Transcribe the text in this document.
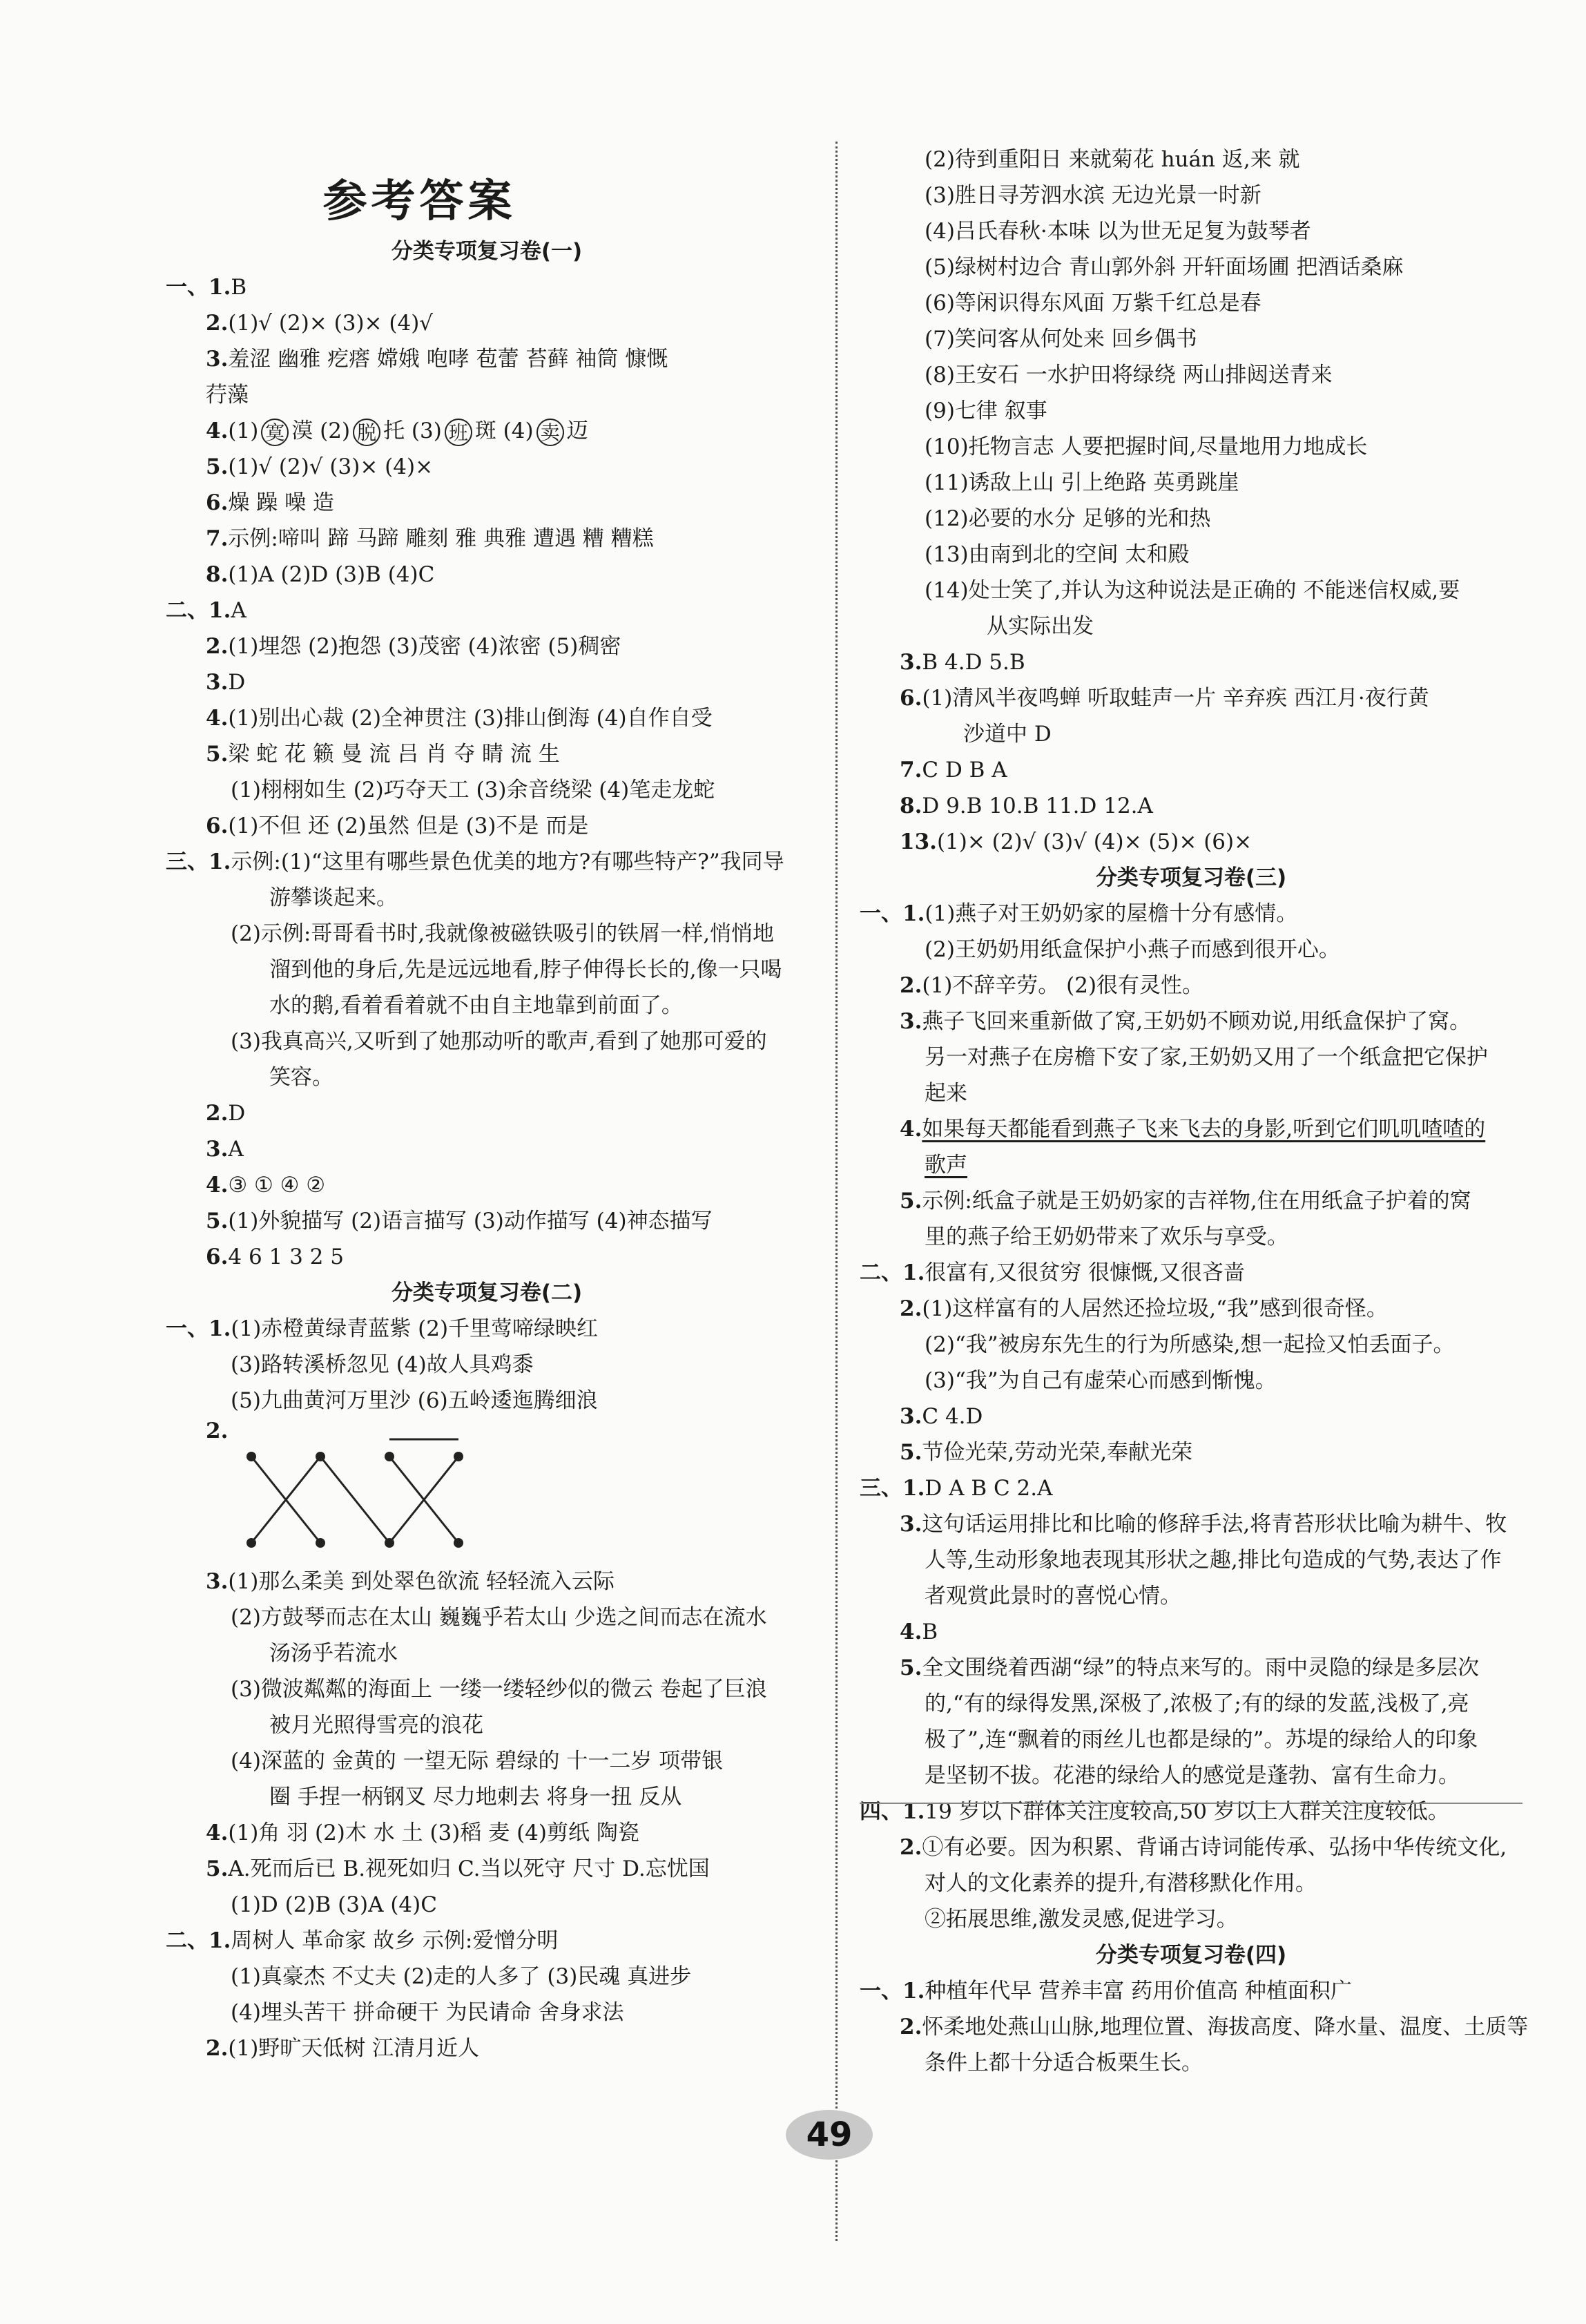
参考答案
分类专项复习卷(一)
一、1.B
2.(1)√ (2)× (3)× (4)√
3.羞涩 幽雅 疙瘩 嫦娥 咆哮 苞蕾 苔藓 袖筒 慷慨
荇藻
4.(1) 寞 漠 (2) 脱 托 (3) 班 斑 (4) 卖 迈
5.(1)√ (2)√ (3)× (4)×
6.燥 躁 噪 造
7.示例:啼叫 蹄 马蹄 雕刻 雅 典雅 遭遇 糟 糟糕
8.(1)A (2)D (3)B (4)C
二、1.A
2.(1)埋怨 (2)抱怨 (3)茂密 (4)浓密 (5)稠密
3.D
4.(1)别出心裁 (2)全神贯注 (3)排山倒海 (4)自作自受
5.梁 蛇 花 籁 曼 流 吕 肖 夺 睛 流 生
(1)栩栩如生 (2)巧夺天工 (3)余音绕梁 (4)笔走龙蛇
6.(1)不但 还 (2)虽然 但是 (3)不是 而是
三、1.示例:(1)“这里有哪些景色优美的地方?有哪些特产?”我同导
游攀谈起来。
(2)示例:哥哥看书时,我就像被磁铁吸引的铁屑一样,悄悄地
溜到他的身后,先是远远地看,脖子伸得长长的,像一只喝
水的鹅,看着看着就不由自主地靠到前面了。
(3)我真高兴,又听到了她那动听的歌声,看到了她那可爱的
笑容。
2.D
3.A
4.③ ① ④ ②
5.(1)外貌描写 (2)语言描写 (3)动作描写 (4)神态描写
6.4 6 1 3 2 5
分类专项复习卷(二)
一、1.(1)赤橙黄绿青蓝紫 (2)千里莺啼绿映红
(3)路转溪桥忽见 (4)故人具鸡黍
(5)九曲黄河万里沙 (6)五岭逶迤腾细浪
2.
3.(1)那么柔美 到处翠色欲流 轻轻流入云际
(2)方鼓琴而志在太山 巍巍乎若太山 少选之间而志在流水
汤汤乎若流水
(3)微波粼粼的海面上 一缕一缕轻纱似的微云 卷起了巨浪
被月光照得雪亮的浪花
(4)深蓝的 金黄的 一望无际 碧绿的 十一二岁 项带银
圈 手捏一柄钢叉 尽力地刺去 将身一扭 反从
4.(1)角 羽 (2)木 水 土 (3)稻 麦 (4)剪纸 陶瓷
5.A.死而后已 B.视死如归 C.当以死守 尺寸 D.忘忧国
(1)D (2)B (3)A (4)C
二、1.周树人 革命家 故乡 示例:爱憎分明
(1)真豪杰 不丈夫 (2)走的人多了 (3)民魂 真进步
(4)埋头苦干 拼命硬干 为民请命 舍身求法
2.(1)野旷天低树 江清月近人
(2)待到重阳日 来就菊花 huán 返,来 就
(3)胜日寻芳泗水滨 无边光景一时新
(4)吕氏春秋·本味 以为世无足复为鼓琴者
(5)绿树村边合 青山郭外斜 开轩面场圃 把酒话桑麻
(6)等闲识得东风面 万紫千红总是春
(7)笑问客从何处来 回乡偶书
(8)王安石 一水护田将绿绕 两山排闼送青来
(9)七律 叙事
(10)托物言志 人要把握时间,尽量地用力地成长
(11)诱敌上山 引上绝路 英勇跳崖
(12)必要的水分 足够的光和热
(13)由南到北的空间 太和殿
(14)处士笑了,并认为这种说法是正确的 不能迷信权威,要
从实际出发
3.B 4.D 5.B
6.(1)清风半夜鸣蝉 听取蛙声一片 辛弃疾 西江月·夜行黄
沙道中 D
7.C D B A
8.D 9.B 10.B 11.D 12.A
13.(1)× (2)√ (3)√ (4)× (5)× (6)×
分类专项复习卷(三)
一、1.(1)燕子对王奶奶家的屋檐十分有感情。
(2)王奶奶用纸盒保护小燕子而感到很开心。
2.(1)不辞辛劳。 (2)很有灵性。
3.燕子飞回来重新做了窝,王奶奶不顾劝说,用纸盒保护了窝。
另一对燕子在房檐下安了家,王奶奶又用了一个纸盒把它保护
起来
4.如果每天都能看到燕子飞来飞去的身影,听到它们叽叽喳喳的
歌声
5.示例:纸盒子就是王奶奶家的吉祥物,住在用纸盒子护着的窝
里的燕子给王奶奶带来了欢乐与享受。
二、1.很富有,又很贫穷 很慷慨,又很吝啬
2.(1)这样富有的人居然还捡垃圾,“我”感到很奇怪。
(2)“我”被房东先生的行为所感染,想一起捡又怕丢面子。
(3)“我”为自己有虚荣心而感到惭愧。
3.C 4.D
5.节俭光荣,劳动光荣,奉献光荣
三、1.D A B C 2.A
3.这句话运用排比和比喻的修辞手法,将青苔形状比喻为耕牛、牧
人等,生动形象地表现其形状之趣,排比句造成的气势,表达了作
者观赏此景时的喜悦心情。
4.B
5.全文围绕着西湖“绿”的特点来写的。雨中灵隐的绿是多层次
的,“有的绿得发黑,深极了,浓极了;有的绿的发蓝,浅极了,亮
极了”,连“飘着的雨丝儿也都是绿的”。苏堤的绿给人的印象
是坚韧不拔。花港的绿给人的感觉是蓬勃、富有生命力。
四、1.19 岁以下群体关注度较高,50 岁以上人群关注度较低。
2.①有必要。因为积累、背诵古诗词能传承、弘扬中华传统文化,
对人的文化素养的提升,有潜移默化作用。
②拓展思维,激发灵感,促进学习。
分类专项复习卷(四)
一、1.种植年代早 营养丰富 药用价值高 种植面积广
2.怀柔地处燕山山脉,地理位置、海拔高度、降水量、温度、土质等
条件上都十分适合板栗生长。
49
